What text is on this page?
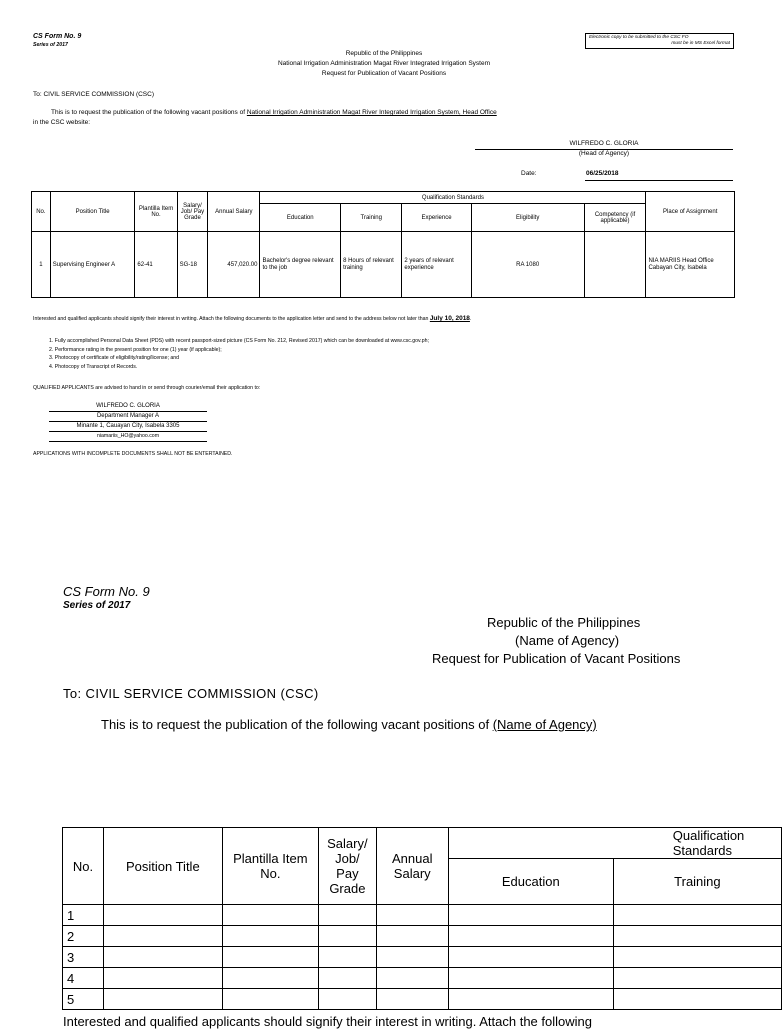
CS Form No. 9
Series of 2017
Electronic copy to be submitted to the CSC FO
must be in MS Excel format
Republic of the Philippines
National Irrigation Administration Magat River Integrated Irrigation System
Request for Publication of Vacant Positions
To: CIVIL SERVICE COMMISSION (CSC)
This is to request the publication of the following vacant positions of National Irrigation Administration Magat River Integrated Irrigation System, Head Office
in the CSC website:
WILFREDO C. GLORIA
(Head of Agency)
Date:	06/25/2018
No.	Position Title	Plantilla Item No.	Salary/ Job/ Pay Grade	Annual Salary	Qualification Standards					Place of Assignment
					Education	Training	Experience	Eligibility	Competency (if applicable)	
1	Supervising Engineer A	62-41	SG-18	457,020.00	Bachelor's degree relevant to the job	8 Hours of relevant training	2 years of relevant experience	RA 1080		NIA MARIIS Head Office Cabayan City, Isabela
Interested and qualified applicants should signify their interest in writing. Attach the following documents to the application letter and send to the address below not later than July 10, 2018.
1. Fully accomplished Personal Data Sheet (PDS) with recent passport-sized picture (CS Form No. 212, Revised 2017) which can be downloaded at www.csc.gov.ph;
2. Performance rating in the present position for one (1) year (if applicable);
3. Photocopy of certificate of eligibility/rating/license; and
4. Photocopy of Transcript of Records.
QUALIFIED APPLICANTS are advised to hand in or send through courier/email their application to:
WILFREDO C. GLORIA
Department Manager A
Minante 1, Cauayan City, Isabela 3305
niamariis_HO@yahoo.com
APPLICATIONS WITH INCOMPLETE DOCUMENTS SHALL NOT BE ENTERTAINED.
CS Form No. 9
Series of 2017
Republic of the Philippines
(Name of Agency)
Request for Publication of Vacant Positions
To: CIVIL SERVICE COMMISSION (CSC)
This is to request the publication of the following vacant positions of (Name of Agency)
No.	Position Title	Plantilla Item No.	Salary/ Job/ Pay Grade	Annual Salary	Qualification Standards	
					Education	Training
1						
2						
3						
4						
5						
Interested and qualified applicants should signify their interest in writing. Attach the following
